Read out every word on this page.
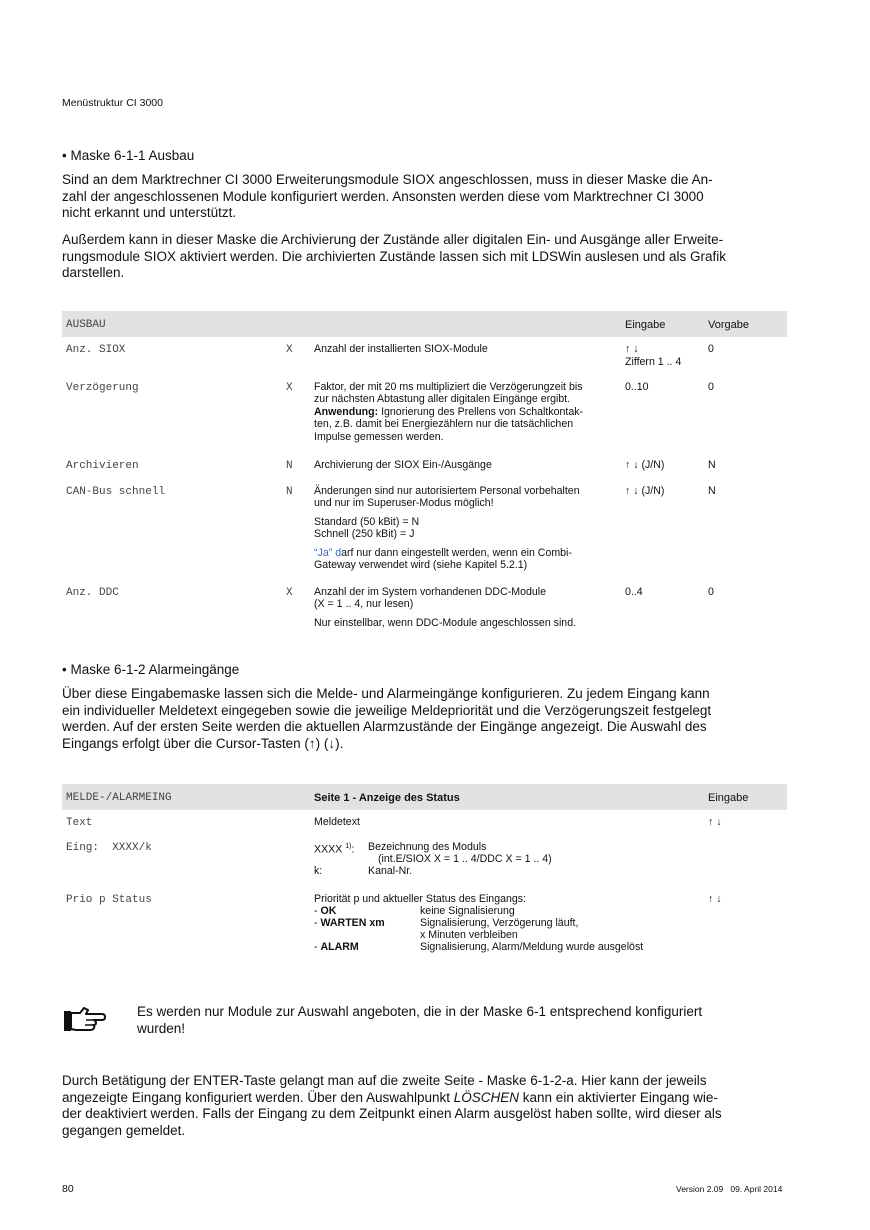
Menüstruktur CI 3000
• Maske 6-1-1 Ausbau
Sind an dem Marktrechner CI 3000 Erweiterungsmodule SIOX angeschlossen, muss in dieser Maske die An-
zahl der angeschlossenen Module konfiguriert werden. Ansonsten werden diese vom Marktrechner CI 3000
nicht erkannt und unterstützt.
Außerdem kann in dieser Maske die Archivierung der Zustände aller digitalen Ein- und Ausgänge aller Erweite-
rungsmodule SIOX aktiviert werden. Die archivierten Zustände lassen sich mit LDSWin auslesen und als Grafik
darstellen.
AUSBAU	Eingabe	Vorgabe
Anz. SIOX	X Anzahl der installierten SIOX-Module	↑ ↓
Ziffern 1 .. 4
0
Verzögerung	X Faktor, der mit 20 ms multipliziert die Verzögerungzeit bis
zur nächsten Abtastung aller digitalen Eingänge ergibt.
Anwendung: Ignorierung des Prellens von Schaltkontak-
ten, z.B. damit bei Energiezählern nur die tatsächlichen
Impulse gemessen werden.
0..10	0
Archivieren	N Archivierung der SIOX Ein-/Ausgänge	↑ ↓ (J/N)	N
CAN-Bus schnell	N Änderungen sind nur autorisiertem Personal vorbehalten
und nur im Superuser-Modus möglich!
Standard (50 kBit) = N
Schnell (250 kBit) = J
“Ja” darf nur dann eingestellt werden, wenn ein Combi-
Gateway verwendet wird (siehe Kapitel 5.2.1)
↑ ↓ (J/N)	N
Anz. DDC	X Anzahl der im System vorhandenen DDC-Module
(X = 1 .. 4, nur lesen)
Nur einstellbar, wenn DDC-Module angeschlossen sind.
0..4	0
• Maske 6-1-2 Alarmeingänge
Über diese Eingabemaske lassen sich die Melde- und Alarmeingänge konfigurieren. Zu jedem Eingang kann
ein individueller Meldetext eingegeben sowie die jeweilige Meldepriorität und die Verzögerungszeit festgelegt
werden. Auf der ersten Seite werden die aktuellen Alarmzustände der Eingänge angezeigt. Die Auswahl des
Eingangs erfolgt über die Cursor-Tasten (↑) (↓).
MELDE-/ALARMEING	Seite 1 - Anzeige des Status	Eingabe
Text	Meldetext	↑ ↓
Eing:  XXXX/k	XXXX $^{1)}$: Bezeichnung des Moduls
(int.E/SIOX X = 1 .. 4/DDC X = 1 .. 4)
k:	Kanal-Nr.
Prio p Status	Priorität p und aktueller Status des Eingangs:
- OK	keine Signalisierung
- WARTEN xm	Signalisierung, Verzögerung läuft,
x Minuten verbleiben
- ALARM	Signalisierung, Alarm/Meldung wurde ausgelöst
↑ ↓
Es werden nur Module zur Auswahl angeboten, die in der Maske 6-1 entsprechend konfiguriert
wurden!
Durch Betätigung der ENTER-Taste gelangt man auf die zweite Seite - Maske 6-1-2-a. Hier kann der jeweils
angezeigte Eingang konfiguriert werden. Über den Auswahlpunkt LÖSCHEN kann ein aktivierter Eingang wie-
der deaktiviert werden. Falls der Eingang zu dem Zeitpunkt einen Alarm ausgelöst haben sollte, wird dieser als
gegangen gemeldet.
80	Version 2.09   09. April 2014
